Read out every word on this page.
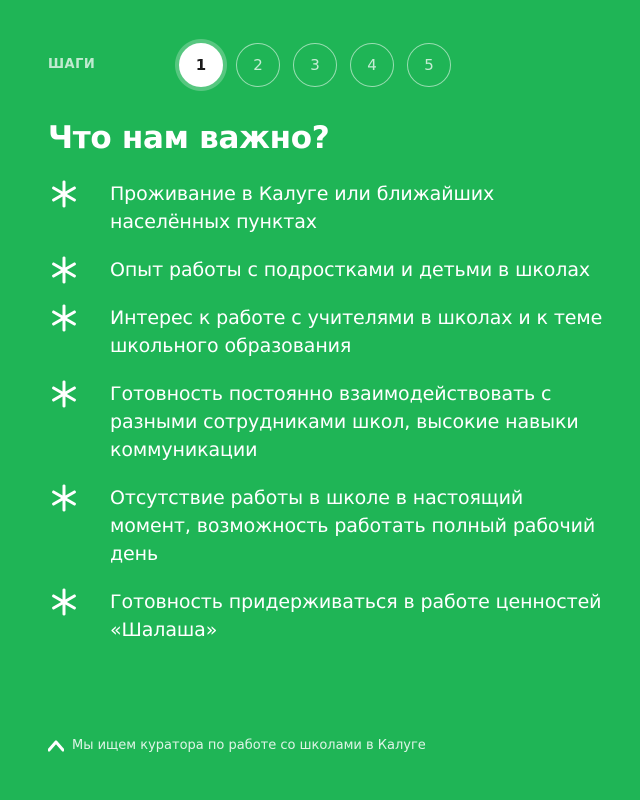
ШАГИ	1	2	3	4	5
Что нам важно?
Проживание в Калуге или ближайших населённых пунктах
Опыт работы с подростками и детьми в школах
Интерес к работе с учителями в школах и к теме школьного образования
Готовность постоянно взаимодействовать с разными сотрудниками школ, высокие навыки коммуникации
Отсутствие работы в школе в настоящий момент, возможность работать полный рабочий день
Готовность придерживаться в работе ценностей «Шалаша»
Мы ищем куратора по работе со школами в Калуге
